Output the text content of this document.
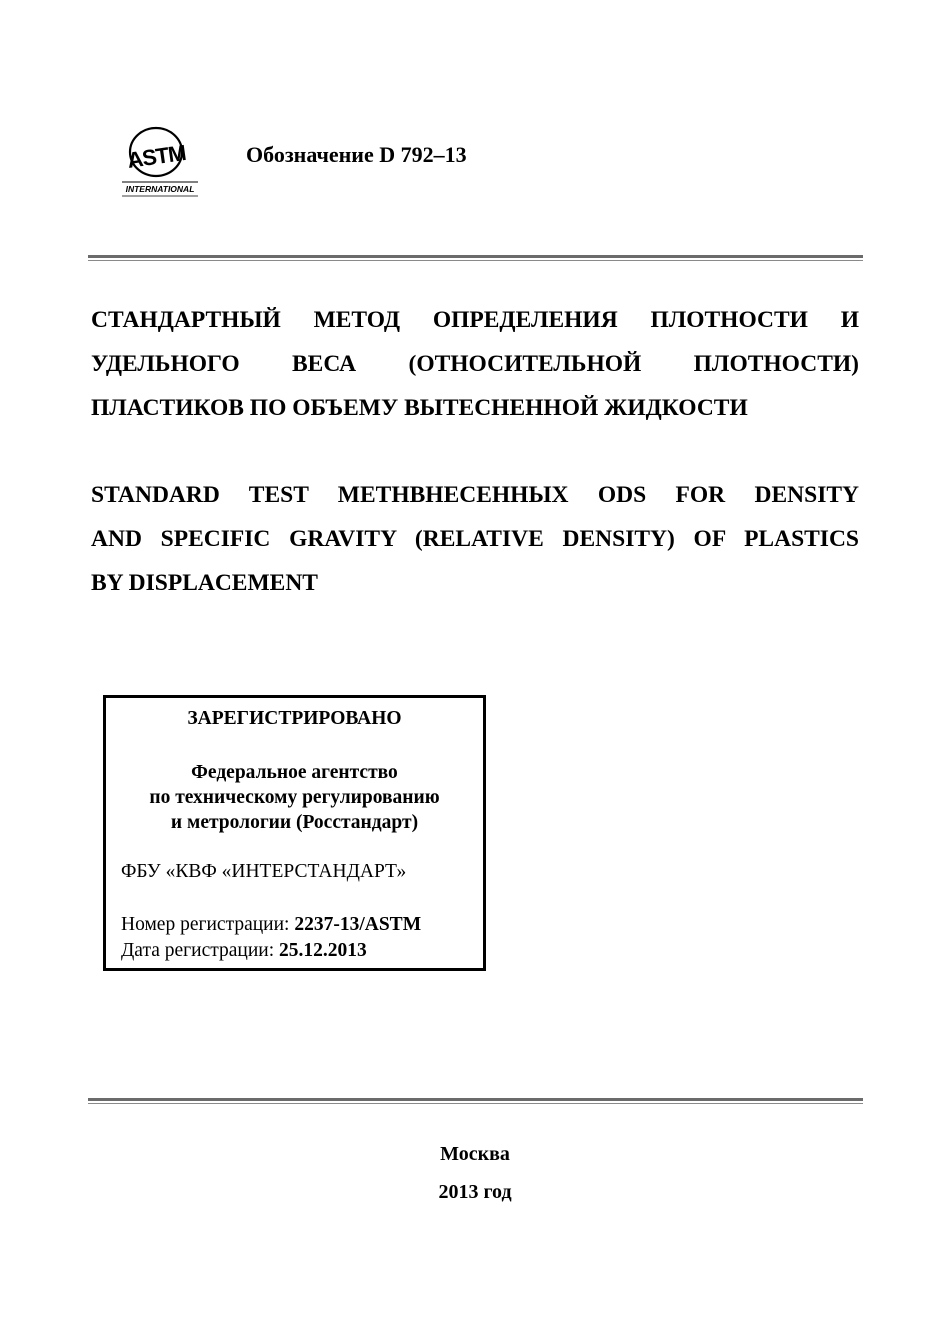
ASTM
INTERNATIONAL
Обозначение D 792–13
СТАНДАРТНЫЙ МЕТОД ОПРЕДЕЛЕНИЯ ПЛОТНОСТИ И
УДЕЛЬНОГО ВЕСА (ОТНОСИТЕЛЬНОЙ ПЛОТНОСТИ)
ПЛАСТИКОВ ПО ОБЪЕМУ ВЫТЕСНЕННОЙ ЖИДКОСТИ
STANDARD TEST METHВНЕСЕННЫХ ODS FOR DENSITY
AND SPECIFIC GRAVITY (RELATIVE DENSITY) OF PLASTICS
BY DISPLACEMENT
ЗАРЕГИСТРИРОВАНО
Федеральное агентство
по техническому регулированию
и метрологии (Росстандарт)
ФБУ «КВФ «ИНТЕРСТАНДАРТ»
Номер регистрации: 2237-13/ASTM
Дата регистрации: 25.12.2013
Москва
2013 год
